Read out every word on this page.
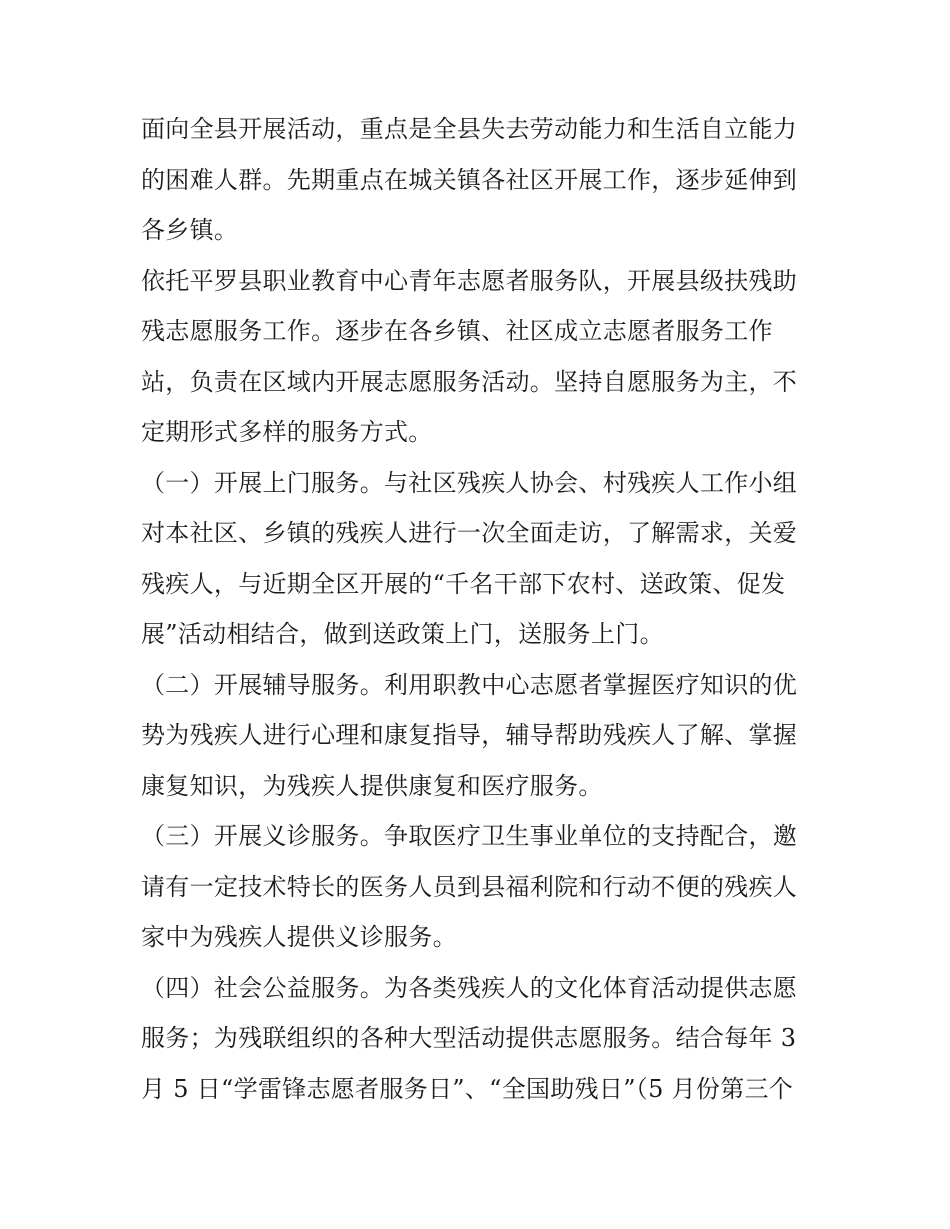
面向全县开展活动，重点是全县失去劳动能力和生活自立能力
的困难人群。先期重点在城关镇各社区开展工作，逐步延伸到
各乡镇。

依托平罗县职业教育中心青年志愿者服务队，开展县级扶残助
残志愿服务工作。逐步在各乡镇、社区成立志愿者服务工作
站，负责在区域内开展志愿服务活动。坚持自愿服务为主，不
定期形式多样的服务方式。

（一）开展上门服务。与社区残疾人协会、村残疾人工作小组
对本社区、乡镇的残疾人进行一次全面走访，了解需求，关爱
残疾人，与近期全区开展的“千名干部下农村、送政策、促发
展”活动相结合，做到送政策上门，送服务上门。

（二）开展辅导服务。利用职教中心志愿者掌握医疗知识的优
势为残疾人进行心理和康复指导，辅导帮助残疾人了解、掌握
康复知识，为残疾人提供康复和医疗服务。

（三）开展义诊服务。争取医疗卫生事业单位的支持配合，邀
请有一定技术特长的医务人员到县福利院和行动不便的残疾人
家中为残疾人提供义诊服务。

（四）社会公益服务。为各类残疾人的文化体育活动提供志愿
服务；为残联组织的各种大型活动提供志愿服务。结合每年 3
月 5 日“学雷锋志愿者服务日”、“全国助残日”（5 月份第三个
